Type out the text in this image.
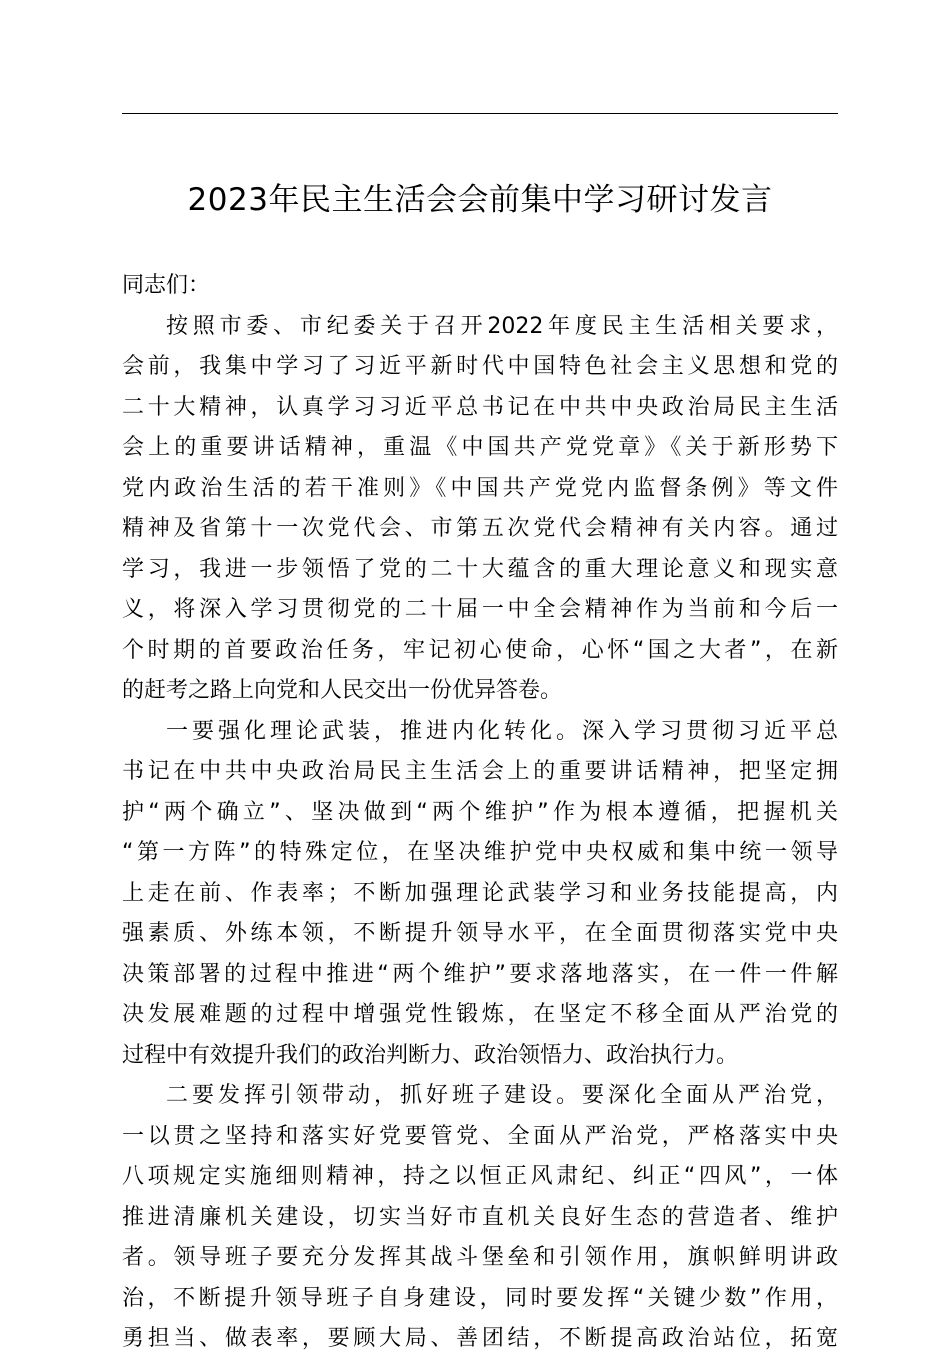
2023年民主生活会会前集中学习研讨发言

同志们：

按照市委、市纪委关于召开2022年度民主生活相关要求，
会前，我集中学习了习近平新时代中国特色社会主义思想和党的
二十大精神，认真学习习近平总书记在中共中央政治局民主生活
会上的重要讲话精神，重温《中国共产党党章》《关于新形势下
党内政治生活的若干准则》《中国共产党党内监督条例》等文件
精神及省第十一次党代会、市第五次党代会精神有关内容。通过
学习，我进一步领悟了党的二十大蕴含的重大理论意义和现实意
义，将深入学习贯彻党的二十届一中全会精神作为当前和今后一
个时期的首要政治任务，牢记初心使命，心怀“国之大者”，在新
的赶考之路上向党和人民交出一份优异答卷。
一要强化理论武装，推进内化转化。深入学习贯彻习近平总
书记在中共中央政治局民主生活会上的重要讲话精神，把坚定拥
护“两个确立”、坚决做到“两个维护”作为根本遵循，把握机关
“第一方阵”的特殊定位，在坚决维护党中央权威和集中统一领导
上走在前、作表率；不断加强理论武装学习和业务技能提高，内
强素质、外练本领，不断提升领导水平，在全面贯彻落实党中央
决策部署的过程中推进“两个维护”要求落地落实，在一件一件解
决发展难题的过程中增强党性锻炼，在坚定不移全面从严治党的
过程中有效提升我们的政治判断力、政治领悟力、政治执行力。
二要发挥引领带动，抓好班子建设。要深化全面从严治党，
一以贯之坚持和落实好党要管党、全面从严治党，严格落实中央
八项规定实施细则精神，持之以恒正风肃纪、纠正“四风”，一体
推进清廉机关建设，切实当好市直机关良好生态的营造者、维护
者。领导班子要充分发挥其战斗堡垒和引领作用，旗帜鲜明讲政
治，不断提升领导班子自身建设，同时要发挥“关键少数”作用，
勇担当、做表率，要顾大局、善团结，不断提高政治站位，拓宽
